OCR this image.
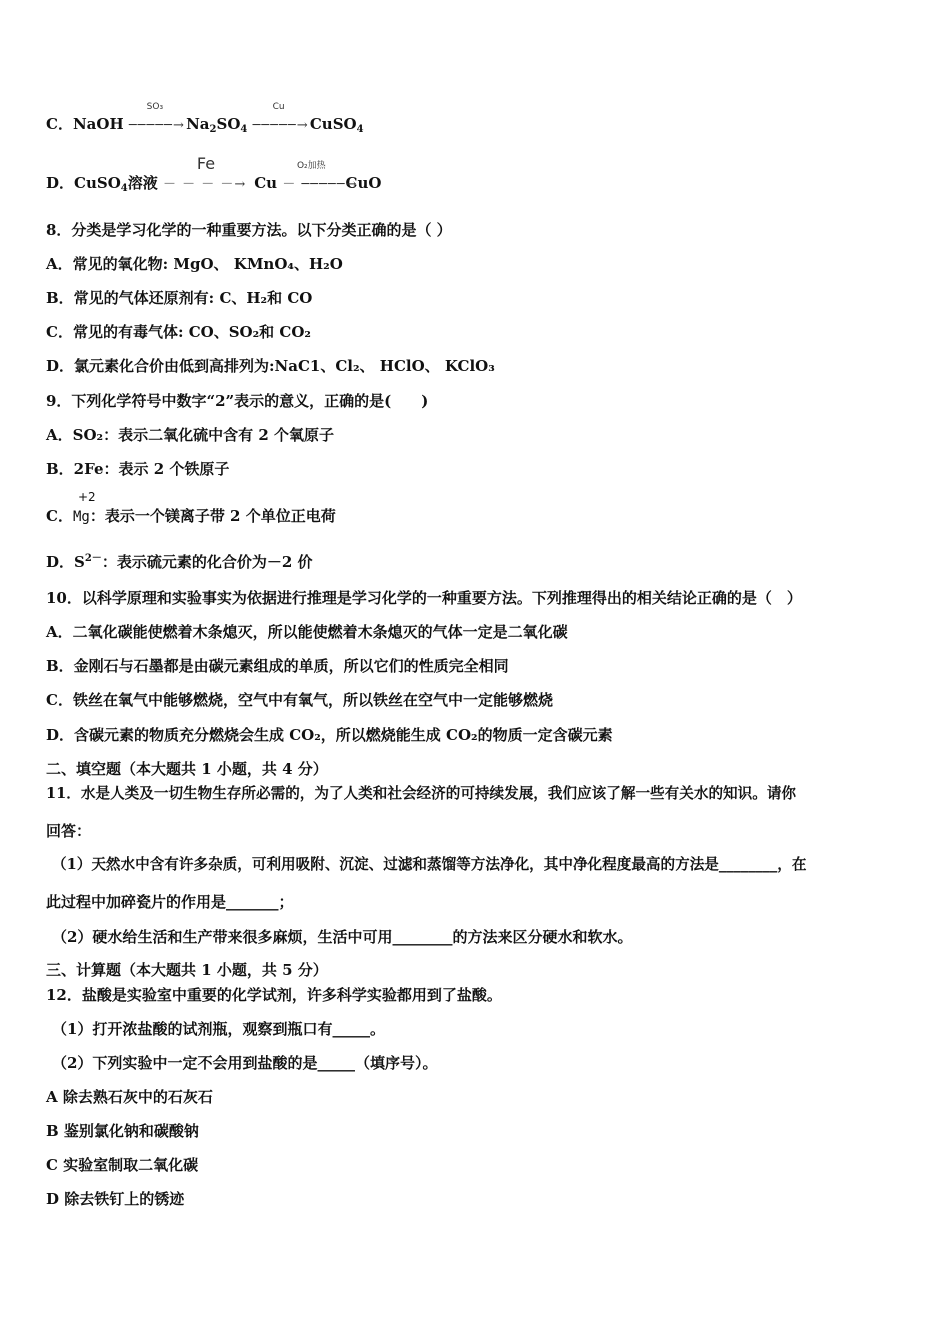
C．NaOH
SO₃
─────→ $Na_2SO_4$
Cu
─────→ CuSO$_4$
D．CuSO$_4$溶液
Fe
－ － － －→ Cu
O₂加热
－ ─────→ CuO
8．分类是学习化学的一种重要方法。以下分类正确的是（ ）
A．常见的氧化物: MgO、 KMnO₄、H₂O
B．常见的气体还原剂有: C、H₂和 CO
C．常见的有毒气体: CO、SO₂和 CO₂
D．氯元素化合价由低到高排列为:NaC1、Cl₂、 HClO、 KClO₃
9．下列化学符号中数字“2”表示的意义，正确的是(　　)
A．SO₂：表示二氧化硫中含有 2 个氧原子
B．2Fe：表示 2 个铁原子
+2
C．Mg：表示一个镁离子带 2 个单位正电荷
D．$S^{2-}$：表示硫元素的化合价为－2 价
10．以科学原理和实验事实为依据进行推理是学习化学的一种重要方法。下列推理得出的相关结论正确的是（　）
A．二氧化碳能使燃着木条熄灭，所以能使燃着木条熄灭的气体一定是二氧化碳
B．金刚石与石墨都是由碳元素组成的单质，所以它们的性质完全相同
C．铁丝在氧气中能够燃烧，空气中有氧气，所以铁丝在空气中一定能够燃烧
D．含碳元素的物质充分燃烧会生成 CO₂，所以燃烧能生成 CO₂的物质一定含碳元素
二、填空题（本大题共 1 小题，共 4 分）
11．水是人类及一切生物生存所必需的，为了人类和社会经济的可持续发展，我们应该了解一些有关水的知识。请你
回答：
（1）天然水中含有许多杂质，可利用吸附、沉淀、过滤和蒸馏等方法净化，其中净化程度最高的方法是________，在
此过程中加碎瓷片的作用是_______；
（2）硬水给生活和生产带来很多麻烦，生活中可用________的方法来区分硬水和软水。
三、计算题（本大题共 1 小题，共 5 分）
12．盐酸是实验室中重要的化学试剂，许多科学实验都用到了盐酸。
（1）打开浓盐酸的试剂瓶，观察到瓶口有_____。
（2）下列实验中一定不会用到盐酸的是_____（填序号）。
A 除去熟石灰中的石灰石
B 鉴别氯化钠和碳酸钠
C 实验室制取二氧化碳
D 除去铁钉上的锈迹
